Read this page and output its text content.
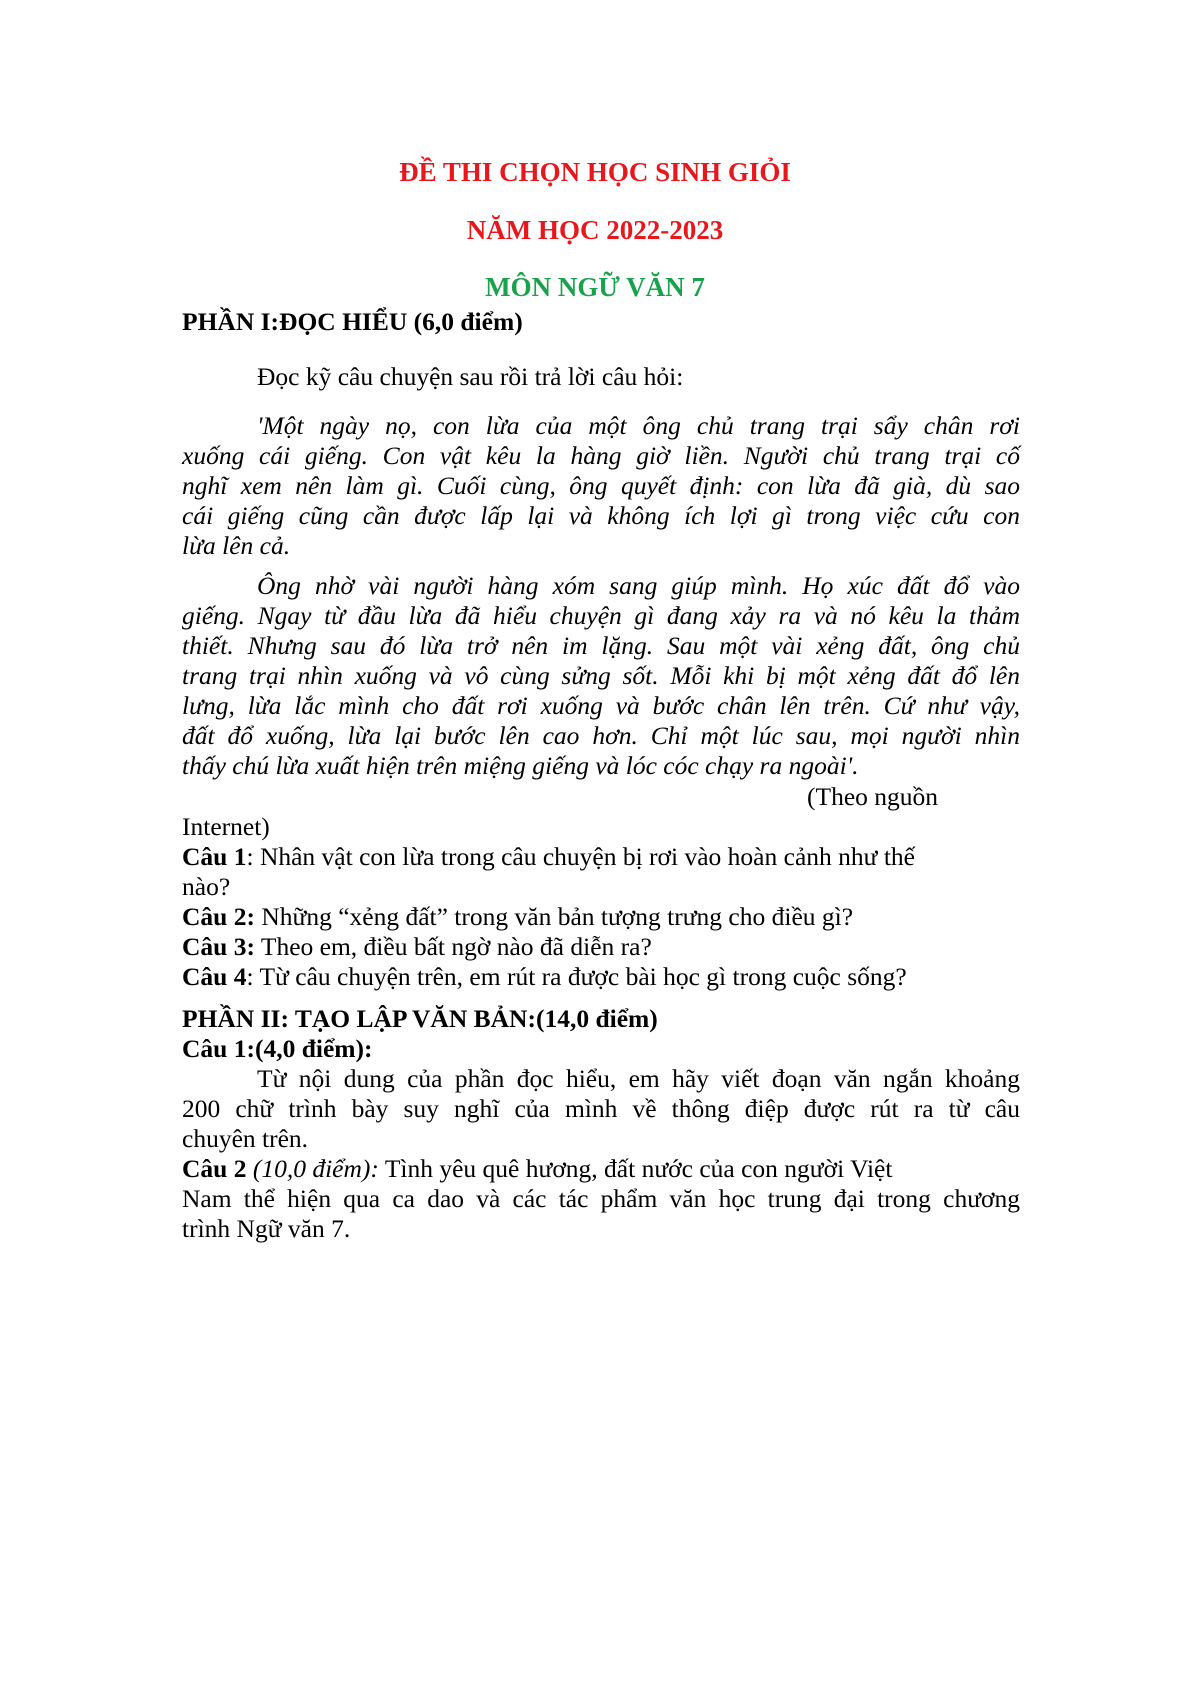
ĐỀ THI CHỌN HỌC SINH GIỎI
NĂM HỌC 2022-2023
MÔN NGỮ VĂN 7
PHẦN I:ĐỌC HIỂU (6,0 điểm)
Đọc kỹ câu chuyện sau rồi trả lời câu hỏi:
'Một ngày nọ, con lừa của một ông chủ trang trại sẩy chân rơi
xuống cái giếng. Con vật kêu la hàng giờ liền. Người chủ trang trại cố
nghĩ xem nên làm gì. Cuối cùng, ông quyết định: con lừa đã già, dù sao
cái giếng cũng cần được lấp lại và không ích lợi gì trong việc cứu con
lừa lên cả.
Ông nhờ vài người hàng xóm sang giúp mình. Họ xúc đất đổ vào
giếng. Ngay từ đầu lừa đã hiểu chuyện gì đang xảy ra và nó kêu la thảm
thiết. Nhưng sau đó lừa trở nên im lặng. Sau một vài xẻng đất, ông chủ
trang trại nhìn xuống và vô cùng sửng sốt. Mỗi khi bị một xẻng đất đổ lên
lưng, lừa lắc mình cho đất rơi xuống và bước chân lên trên. Cứ như vậy,
đất đổ xuống, lừa lại bước lên cao hơn. Chỉ một lúc sau, mọi người nhìn
thấy chú lừa xuất hiện trên miệng giếng và lóc cóc chạy ra ngoài'.
(Theo nguồn
Internet)
Câu 1: Nhân vật con lừa trong câu chuyện bị rơi vào hoàn cảnh như thế
nào?
Câu 2: Những “xẻng đất” trong văn bản tượng trưng cho điều gì?
Câu 3: Theo em, điều bất ngờ nào đã diễn ra?
Câu 4: Từ câu chuyện trên, em rút ra được bài học gì trong cuộc sống?
PHẦN II: TẠO LẬP VĂN BẢN:(14,0 điểm)
Câu 1:(4,0 điểm):
Từ nội dung của phần đọc hiểu, em hãy viết đoạn văn ngắn khoảng
200 chữ trình bày suy nghĩ của mình về thông điệp được rút ra từ câu
chuyên trên.
Câu 2 (10,0 điểm): Tình yêu quê hương, đất nước của con người Việt
Nam thể hiện qua ca dao và các tác phẩm văn học trung đại trong chương
trình Ngữ văn 7.
